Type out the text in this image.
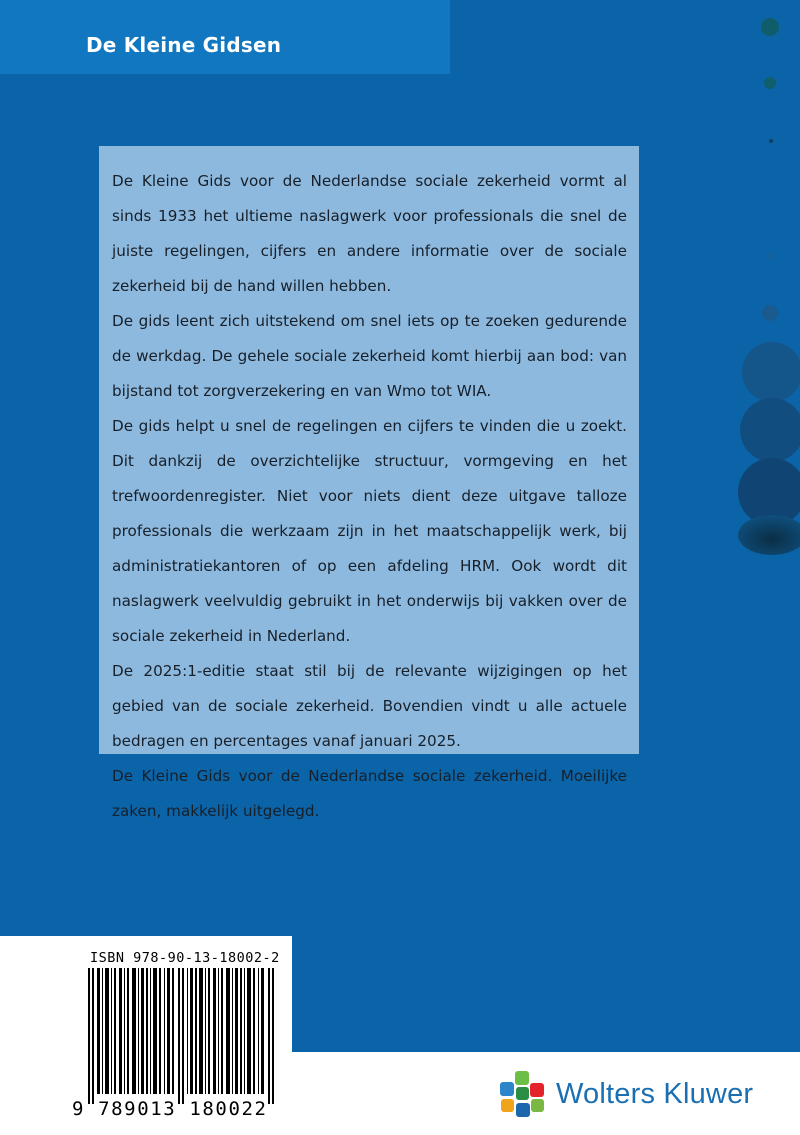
De Kleine Gidsen

De Kleine Gids voor de Nederlandse sociale zekerheid vormt al sinds 1933 het ultieme naslagwerk voor professionals die snel de juiste regelingen, cijfers en andere informatie over de sociale zekerheid bij de hand willen hebben.

De gids leent zich uitstekend om snel iets op te zoeken gedurende de werkdag. De gehele sociale zekerheid komt hierbij aan bod: van bijstand tot zorgverzekering en van Wmo tot WIA.

De gids helpt u snel de regelingen en cijfers te vinden die u zoekt. Dit dankzij de overzichtelijke structuur, vormgeving en het trefwoordenregister. Niet voor niets dient deze uitgave talloze professionals die werkzaam zijn in het maatschappelijk werk, bij administratiekantoren of op een afdeling HRM. Ook wordt dit naslagwerk veelvuldig gebruikt in het onderwijs bij vakken over de sociale zekerheid in Nederland.

De 2025:1-editie staat stil bij de relevante wijzigingen op het gebied van de sociale zekerheid. Bovendien vindt u alle actuele bedragen en percentages vanaf januari 2025.

De Kleine Gids voor de Nederlandse sociale zekerheid. Moeilijke zaken, makkelijk uitgelegd.

ISBN 978-90-13-18002-2
9 789013 180022	Wolters Kluwer
